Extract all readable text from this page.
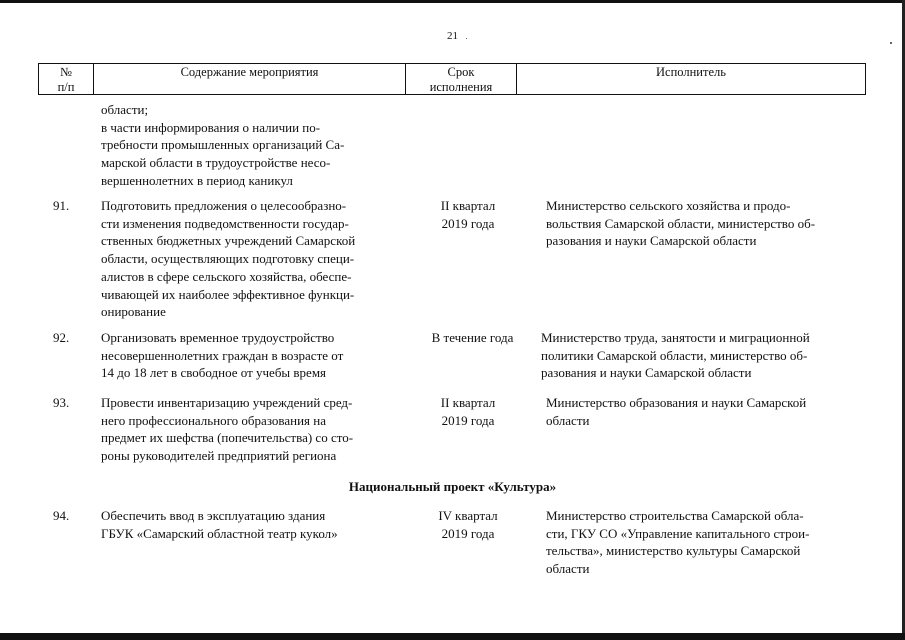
21
№
п/п
Содержание мероприятия	Срок
исполнения
Исполнитель
области;
в части информирования о наличии по-
требности промышленных организаций Са-
марской области в трудоустройстве несо-
вершеннолетних в период каникул
91. Подготовить предложения о целесообразно-
сти изменения подведомственности государ-
ственных бюджетных учреждений Самарской
области, осуществляющих подготовку специ-
алистов в сфере сельского хозяйства, обеспе-
чивающей их наиболее эффективное функци-
онирование
II квартал
2019 года
Министерство сельского хозяйства и продо-
вольствия Самарской области, министерство об-
разования и науки Самарской области
92. Организовать временное трудоустройство
несовершеннолетних граждан в возрасте от
14 до 18 лет в свободное от учебы время
В течение года	Министерство труда, занятости и миграционной
политики Самарской области, министерство об-
разования и науки Самарской области
93. Провести инвентаризацию учреждений сред-
него профессионального образования на
предмет их шефства (попечительства) со сто-
роны руководителей предприятий региона
II квартал
2019 года
Министерство образования и науки Самарской
области
Национальный проект «Культура»
94. Обеспечить ввод в эксплуатацию здания
ГБУК «Самарский областной театр кукол»
IV квартал
2019 года
Министерство строительства Самарской обла-
сти, ГКУ СО «Управление капитального строи-
тельства», министерство культуры Самарской
области
